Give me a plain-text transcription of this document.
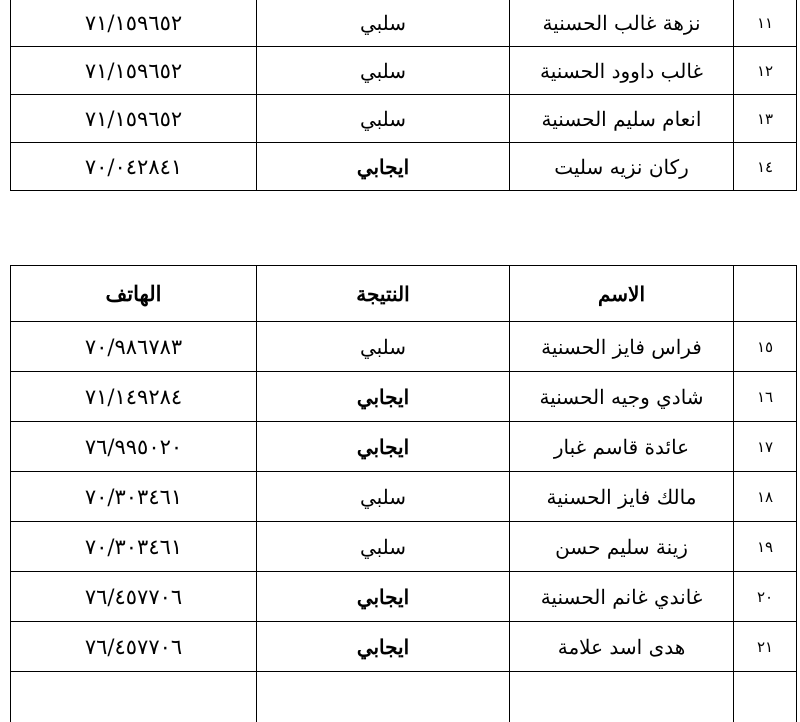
٧١/١٥٩٦٥٢	سلبي	نزهة غالب الحسنية	١١
٧١/١٥٩٦٥٢	سلبي	غالب داوود الحسنية	١٢
٧١/١٥٩٦٥٢	سلبي	انعام سليم الحسنية	١٣
٧٠/٠٤٢٨٤١	ايجابي	ركان نزيه سليت	١٤
الهاتف	النتيجة	الاسم	
٧٠/٩٨٦٧٨٣	سلبي	فراس فايز الحسنية	١٥
٧١/١٤٩٢٨٤	ايجابي	شادي وجيه الحسنية	١٦
٧٦/٩٩٥٠٢٠	ايجابي	عائدة قاسم غبار	١٧
٧٠/٣٠٣٤٦١	سلبي	مالك فايز الحسنية	١٨
٧٠/٣٠٣٤٦١	سلبي	زينة سليم حسن	١٩
٧٦/٤٥٧٧٠٦	ايجابي	غاندي غانم الحسنية	٢٠
٧٦/٤٥٧٧٠٦	ايجابي	هدى اسد علامة	٢١
